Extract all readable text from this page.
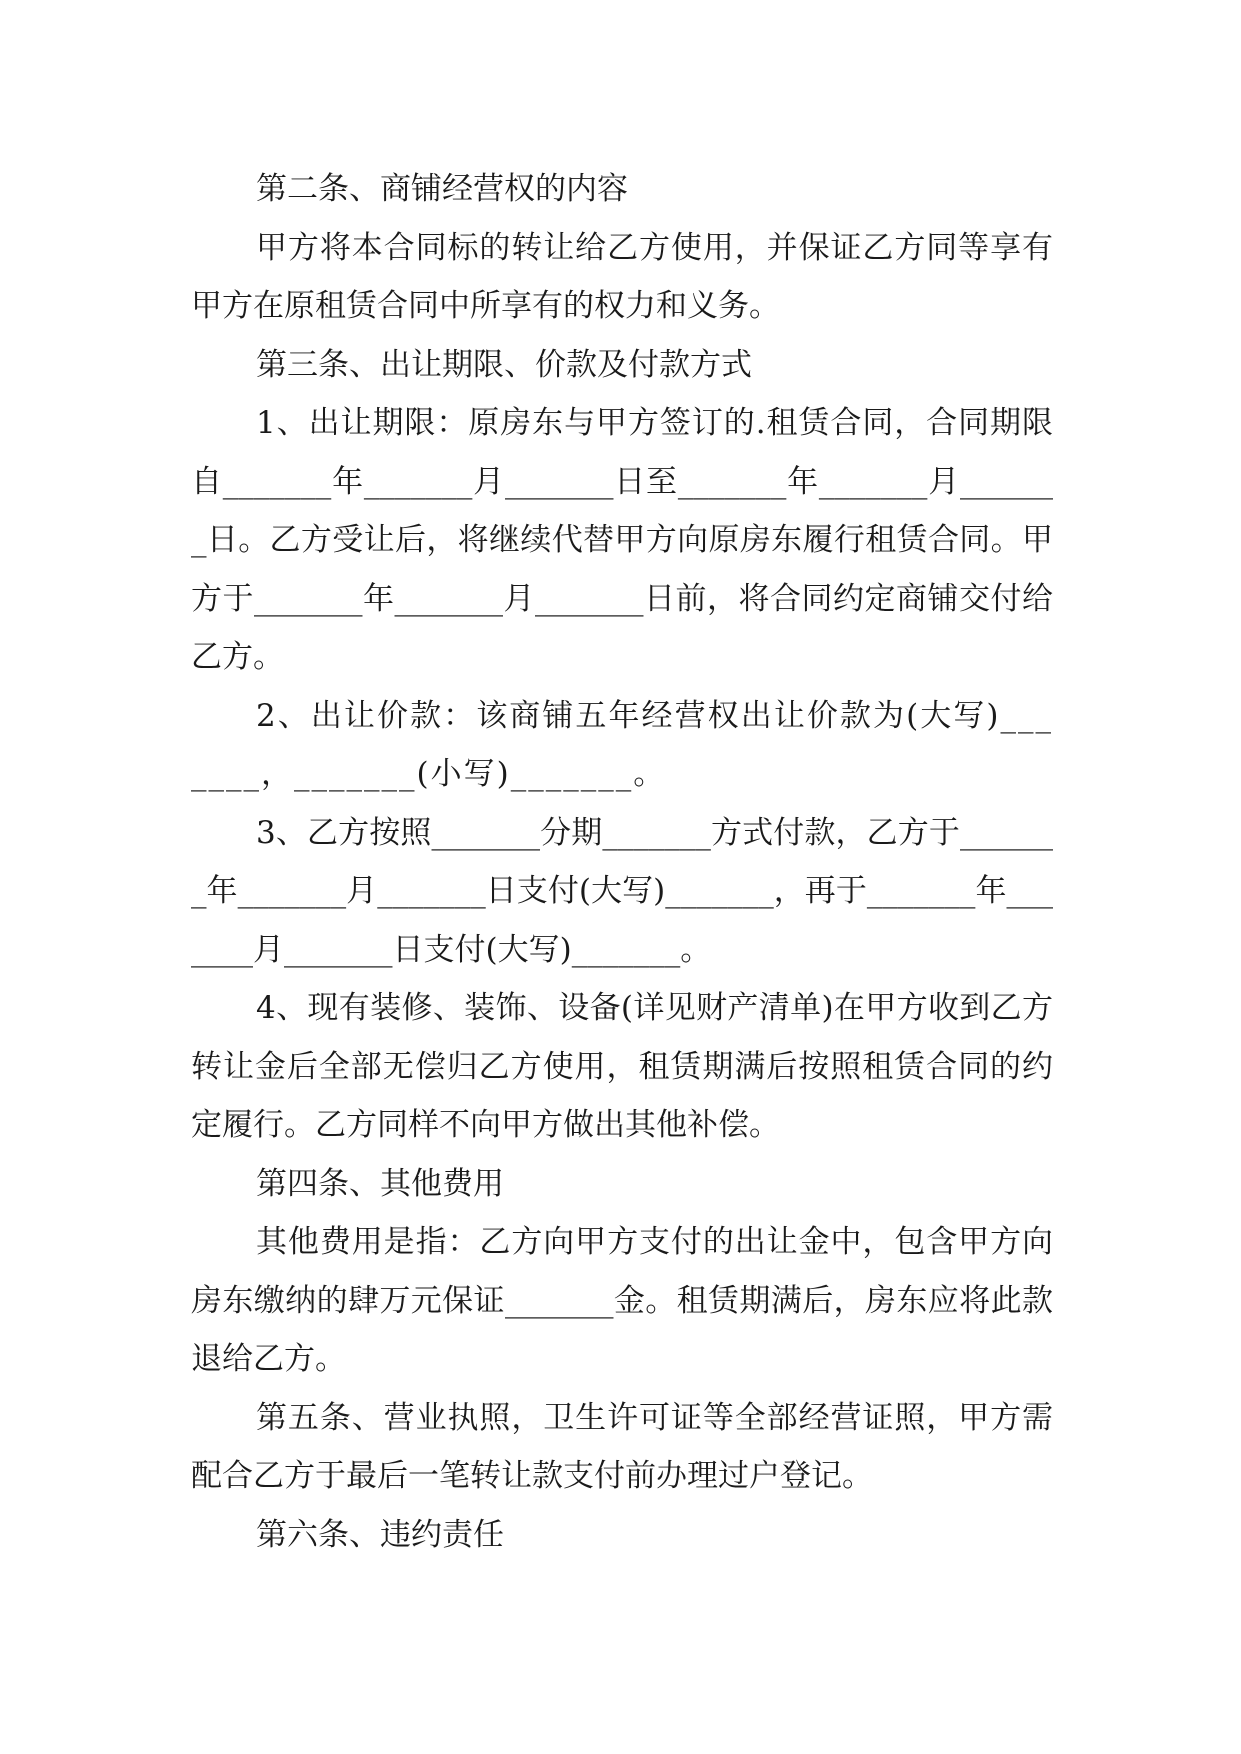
第二条、商铺经营权的内容

甲方将本合同标的转让给乙方使用，并保证乙方同等享有甲方在原租赁合同中所享有的权力和义务。

第三条、出让期限、价款及付款方式

1、出让期限：原房东与甲方签订的.租赁合同，合同期限自_______年_______月_______日至_______年_______月_______日。乙方受让后，将继续代替甲方向原房东履行租赁合同。甲方于_______年_______月_______日前，将合同约定商铺交付给乙方。

2、出让价款：该商铺五年经营权出让价款为(大写)_______，_______(小写)_______。

3、乙方按照_______分期_______方式付款，乙方于_______年_______月_______日支付(大写)_______，再于_______年_______月_______日支付(大写)_______。

4、现有装修、装饰、设备(详见财产清单)在甲方收到乙方转让金后全部无偿归乙方使用，租赁期满后按照租赁合同的约定履行。乙方同样不向甲方做出其他补偿。

第四条、其他费用

其他费用是指：乙方向甲方支付的出让金中，包含甲方向房东缴纳的肆万元保证_______金。租赁期满后，房东应将此款退给乙方。

第五条、营业执照，卫生许可证等全部经营证照，甲方需配合乙方于最后一笔转让款支付前办理过户登记。

第六条、违约责任
